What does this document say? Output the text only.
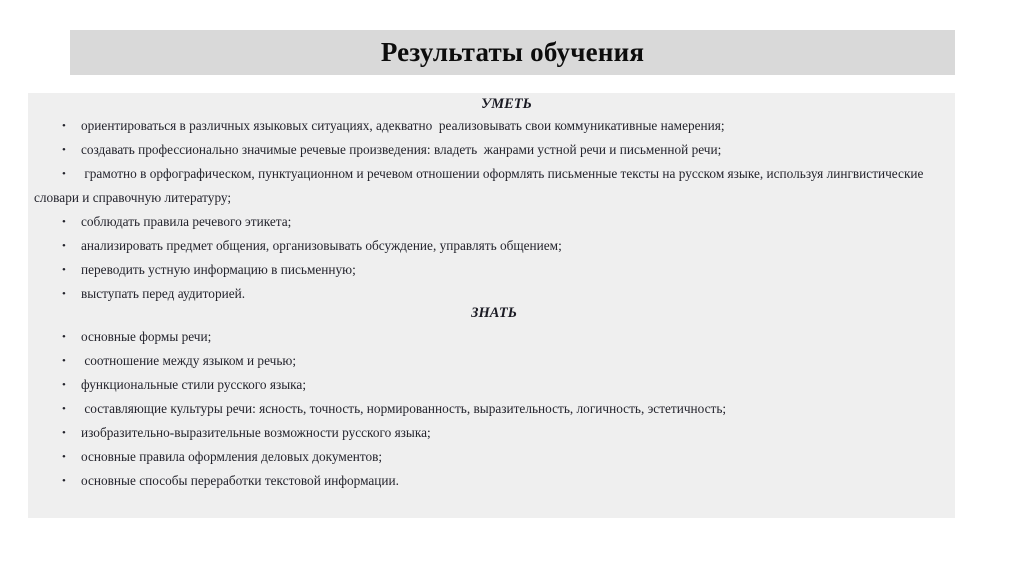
Результаты обучения
УМЕТЬ
• ориентироваться в различных языковых ситуациях, адекватно  реализовывать свои коммуникативные намерения;
• создавать профессионально значимые речевые произведения: владеть  жанрами устной речи и письменной речи;
•  грамотно в орфографическом, пунктуационном и речевом отношении оформлять письменные тексты на русском языке, используя лингвистические словари и справочную литературу;
• соблюдать правила речевого этикета;
• анализировать предмет общения, организовывать обсуждение, управлять общением;
• переводить устную информацию в письменную;
• выступать перед аудиторией.
ЗНАТЬ
• основные формы речи;
•  соотношение между языком и речью;
• функциональные стили русского языка;
•  составляющие культуры речи: ясность, точность, нормированность, выразительность, логичность, эстетичность;
• изобразительно-выразительные возможности русского языка;
• основные правила оформления деловых документов;
• основные способы переработки текстовой информации.
